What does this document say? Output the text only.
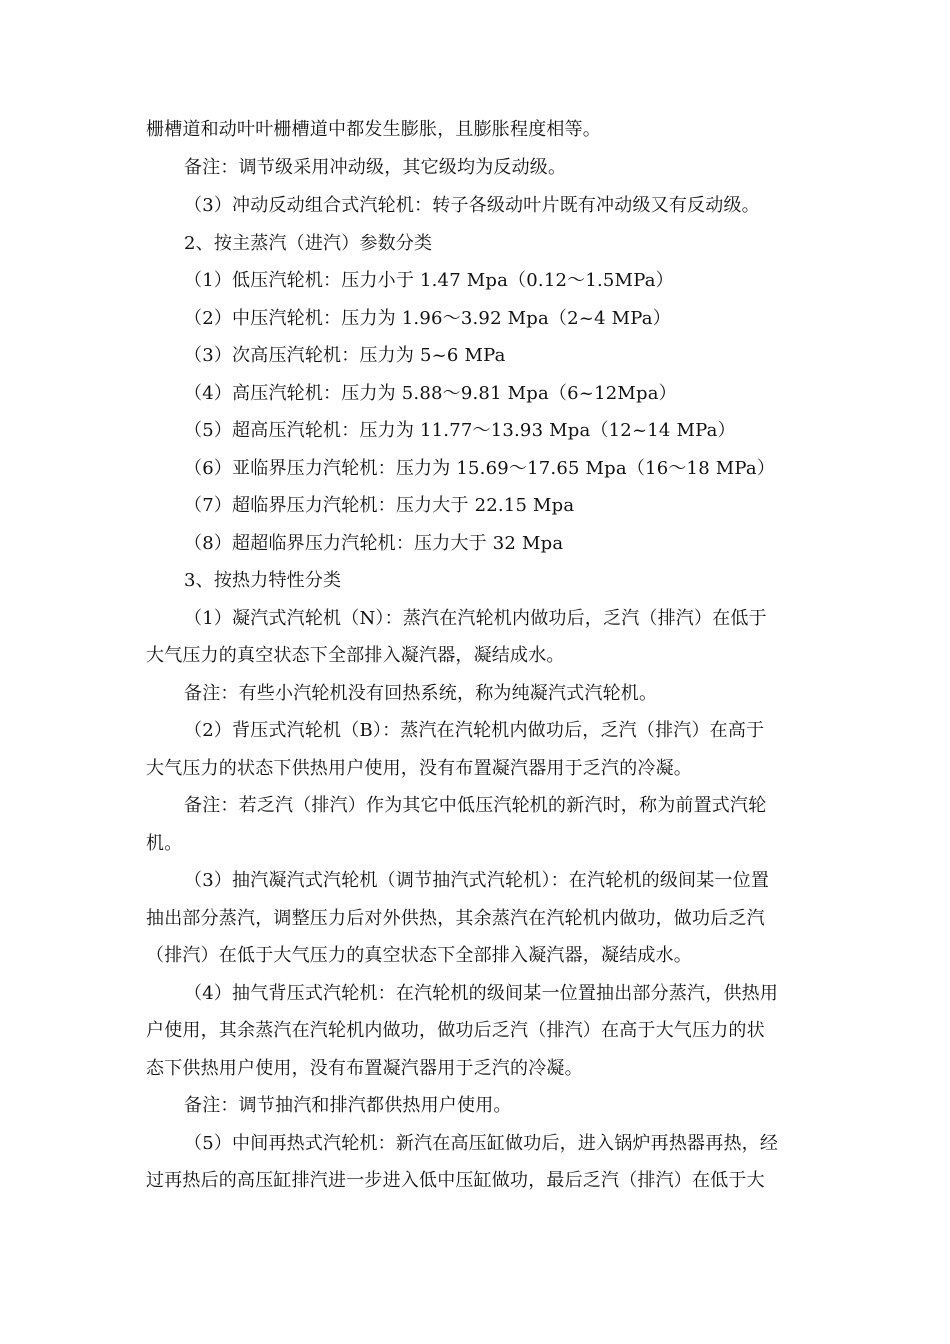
栅槽道和动叶叶栅槽道中都发生膨胀，且膨胀程度相等。
备注：调节级采用冲动级，其它级均为反动级。
（3）冲动反动组合式汽轮机：转子各级动叶片既有冲动级又有反动级。
2、按主蒸汽（进汽）参数分类
（1）低压汽轮机：压力小于 1.47 Mpa（0.12～1.5MPa）
（2）中压汽轮机：压力为 1.96～3.92 Mpa（2~4 MPa）
（3）次高压汽轮机：压力为 5~6 MPa
（4）高压汽轮机：压力为 5.88～9.81 Mpa（6~12Mpa）
（5）超高压汽轮机：压力为 11.77～13.93 Mpa（12~14 MPa）
（6）亚临界压力汽轮机：压力为 15.69～17.65 Mpa（16～18 MPa）
（7）超临界压力汽轮机：压力大于 22.15 Mpa
（8）超超临界压力汽轮机：压力大于 32 Mpa
3、按热力特性分类
（1）凝汽式汽轮机（N）：蒸汽在汽轮机内做功后，乏汽（排汽）在低于
大气压力的真空状态下全部排入凝汽器，凝结成水。
备注：有些小汽轮机没有回热系统，称为纯凝汽式汽轮机。
（2）背压式汽轮机（B）：蒸汽在汽轮机内做功后，乏汽（排汽）在高于
大气压力的状态下供热用户使用，没有布置凝汽器用于乏汽的冷凝。
备注：若乏汽（排汽）作为其它中低压汽轮机的新汽时，称为前置式汽轮
机。
（3）抽汽凝汽式汽轮机（调节抽汽式汽轮机）：在汽轮机的级间某一位置
抽出部分蒸汽，调整压力后对外供热，其余蒸汽在汽轮机内做功，做功后乏汽
（排汽）在低于大气压力的真空状态下全部排入凝汽器，凝结成水。
（4）抽气背压式汽轮机：在汽轮机的级间某一位置抽出部分蒸汽，供热用
户使用，其余蒸汽在汽轮机内做功，做功后乏汽（排汽）在高于大气压力的状
态下供热用户使用，没有布置凝汽器用于乏汽的冷凝。
备注：调节抽汽和排汽都供热用户使用。
（5）中间再热式汽轮机：新汽在高压缸做功后，进入锅炉再热器再热，经
过再热后的高压缸排汽进一步进入低中压缸做功，最后乏汽（排汽）在低于大
